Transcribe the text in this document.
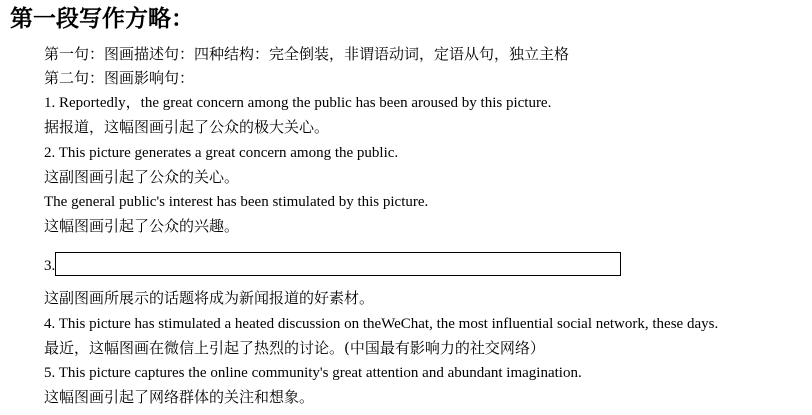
第一段写作方略：
第一句：图画描述句：四种结构：完全倒装，非谓语动词，定语从句，独立主格
第二句：图画影响句：
1. Reportedly，the great concern among the public has been aroused by this picture.
据报道，这幅图画引起了公众的极大关心。
2. This picture generates a great concern among the public.
这副图画引起了公众的关心。
The general public's interest has been stimulated by this picture.
这幅图画引起了公众的兴趣。
3.
这副图画所展示的话题将成为新闻报道的好素材。
4. This picture has stimulated a heated discussion on theWeChat, the most influential social network, these days.
最近，这幅图画在微信上引起了热烈的讨论。(中国最有影响力的社交网络）
5. This picture captures the online community's great attention and abundant imagination.
这幅图画引起了网络群体的关注和想象。
